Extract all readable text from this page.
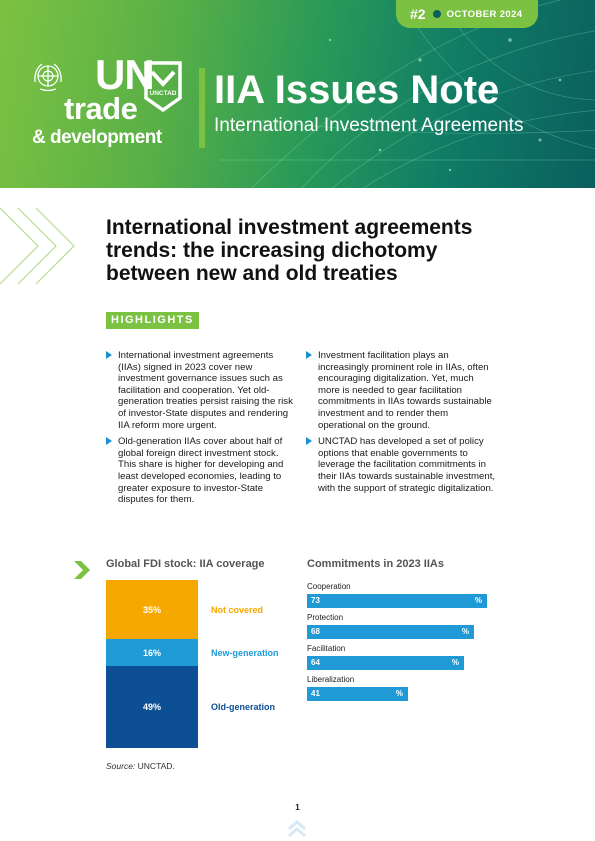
#2 OCTOBER 2024
UN
trade
& development
UNCTAD IIA Issues Note
International Investment Agreements
International investment agreements trends: the increasing dichotomy between new and old treaties
HIGHLIGHTS
International investment agreements (IIAs) signed in 2023 cover new investment governance issues such as facilitation and cooperation. Yet old-generation treaties persist raising the risk of investor-State disputes and rendering IIA reform more urgent.
Old-generation IIAs cover about half of global foreign direct investment stock. This share is higher for developing and least developed economies, leading to greater exposure to investor-State disputes for them.
Investment facilitation plays an increasingly prominent role in IIAs, often encouraging digitalization. Yet, much more is needed to gear facilitation commitments in IIAs towards sustainable investment and to render them operational on the ground.
UNCTAD has developed a set of policy options that enable governments to leverage the facilitation commitments in their IIAs towards sustainable investment, with the support of strategic digitalization.
Global FDI stock: IIA coverage	Commitments in 2023 IIAs
35%
16%
49%
Not covered
New-generation
Old-generation
Source: UNCTAD.
Cooperation
73	%
Protection
68	%
Facilitation
64	%
Liberalization
41	%
1
